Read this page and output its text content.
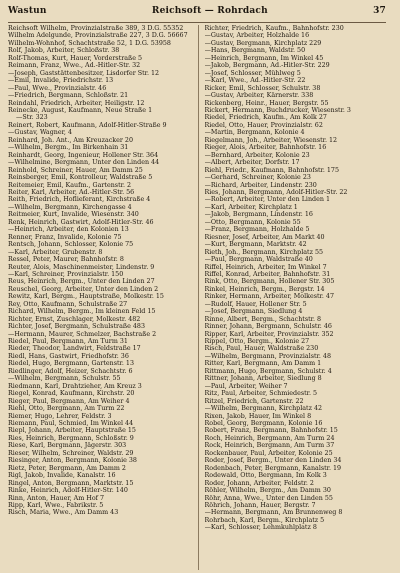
Wastun	Reichsoft — Rohrdach	37
Reichsoft Wilhelm, Provinzialstraße 389, 3 D.G. 55352
Wilhelm Adelgunde, Provinzialstraße 227, 3 D.G. 56667
Wilhelm-Wohnhof, Schachtstraße 52, 1 D.G. 53958
Rolf, Jakob, Arbeiter, Schloßstr. 38
Rolf-Thomas, Kurt, Hauer, Vorderstraße 5
Reimann, Franz, Wwe., Ad.-Hitler-Str. 32
—Joseph, Gaststättenbesitzer, Lisdorfer Str. 12
—Emil, Invalide, Friedrichstr. 13
—Paul, Wwe., Provinzialstr. 46
—Friedrich, Bergmann, Schloßstr. 21
Reindahl, Friedrich, Arbeiter, Heiligstr. 12
Reinecke, August, Kaufmann, Neue Straße 1
—Str. 323
Reinert, Robert, Kaufmann, Adolf-Hitler-Straße 9
—Gustav, Wagner, 4
Reinhard, Joh. Ant., Am Kreuzacker 20
—Wilhelm, Bergm., Im Birkenhain 31
Reinhardt, Georg, Ingenieur, Hollener Str. 364
—Wilhelmine, Bergmann, Unter den Linden 44
Reinhold, Schreiner, Hauer, Am Damm 25
Reinsberger, Emil, Kontrolleur, Waldstraße 5
Reitemeier, Emil, Kaufm., Gartenstr. 2
Reiter, Karl, Arbeiter, Ad.-Hitler-Str. 56
Reith, Friedrich, Hoflieferant, Kirchstraße 4
—Wilhelm, Bergmann, Kirchengasse 4
Reitmeier, Kurt, Invalide, Wiesenstr. 340
Renk, Heinrich, Gastwirt, Adolf-Hitler-Str. 46
—Heinrich, Arbeiter, den Kolonien 13
Renner, Franz, Invalide, Kolonie 75
Rentsch, Johann, Schlosser, Kolonie 75
—Karl, Arbeiter, Grubenstr. 8
Ressel, Peter, Maurer, Bahnhofstr. 8
Reuter, Alois, Maschinenmeister, Lindenstr. 9
—Karl, Schreiner, Provinzialstr. 150
Reus, Heinrich, Bergm., Unter den Linden 27
Reuschel, Georg, Arbeiter, Unter den Linden 2
Rewitz, Karl, Bergm., Hauptstraße, Molkestr. 15
Rey, Otto, Kaufmann, Schulstraße 27
Richard, Wilhelm, Bergm., Im kleinen Feld 15
Richter, Ernst, Zuschlager, Molkestr. 482
Richter, Josef, Bergmann, Schulstraße 483
—Hermann, Maurer, Schmelzer, Bachstraße 2
Riedel, Paul, Bergmann, Am Turm 31
Rieder, Theodor, Landwirt, Feldstraße 17
Riedl, Hans, Gastwirt, Friedhofstr. 36
Riedel, Hugo, Bergmann, Gartenstr. 13
Riedlinger, Adolf, Heizer, Schachtstr. 6
—Wilhelm, Bergmann, Schulstr. 55
Riedmann, Karl, Drahtzieher, Am Kreuz 3
Riegel, Konrad, Kaufmann, Kirchstr. 20
Rieger, Paul, Bergmann, Am Weiher 4
Riehl, Otto, Bergmann, Am Turm 22
Riemer, Hugo, Lehrer, Feldstr. 3
Riemann, Paul, Schmied, Im Winkel 44
Riepl, Johann, Arbeiter, Hauptstraße 15
Ries, Heinrich, Bergmann, Schloßstr. 9
Riese, Karl, Bergmann, Jägerstr. 303
Rieser, Wilhelm, Schreiner, Waldstr. 29
Riesinger, Anton, Bergmann, Kolonie 38
Rietz, Peter, Bergmann, Am Damm 2
Rigl, Jakob, Invalide, Kanalstr. 16
Ringel, Anton, Bergmann, Marktstr. 15
Rinke, Heinrich, Adolf-Hitler-Str. 140
Rinn, Anton, Hauer, Am Hof 7
Ripp, Karl, Wwe., Fabrikstr. 5
Risch, Maria, Wwe., Am Damm 43
Richter, Friedrich, Kaufm., Bahnhofstr. 230
—Gustav, Arbeiter, Holzhalde 16
—Gustav, Bergmann, Kirchplatz 229
—Hans, Bergmann, Waldstr. 50
—Heinrich, Bergmann, Im Winkel 45
—Jakob, Bergmann, Ad.-Hitler-Str. 229
—Josef, Schlosser, Mühlweg 5
—Karl, Wwe., Ad.-Hitler-Str. 22
Ricker, Emil, Schlosser, Schulstr. 38
—Gustav, Arbeiter, Kärnerstr. 338
Rickenberg, Heinr., Hauer, Bergstr. 55
Rickert, Hermann, Buchdrucker, Wiesenstr. 3
Riedel, Friedrich, Kaufm., Am Kolk 27
Riedel, Otto, Hauer, Provinzialstr. 62
—Martin, Bergmann, Kolonie 4
Riegelmann, Joh., Arbeiter, Wiesenstr. 12
Rieger, Alois, Arbeiter, Bahnhofstr. 16
—Bernhard, Arbeiter, Kolonie 23
—Albert, Arbeiter, Dorfstr. 17
Riehl, Friedr., Kaufmann, Bahnhofstr. 175
—Gerhard, Schreiner, Kolonie 23
—Richard, Arbeiter, Lindenstr. 230
Ries, Johann, Bergmann, Adolf-Hitler-Str. 22
—Robert, Arbeiter, Unter den Linden 1
—Karl, Arbeiter, Kirchplatz 1
—Jakob, Bergmann, Lindenstr. 16
—Otto, Bergmann, Kolonie 55
—Franz, Bergmann, Holzhalde 5
Riesner, Josef, Arbeiter, Am Markt 40
—Kurt, Bergmann, Marktstr. 42
Rieth, Joh., Bergmann, Kirchplatz 55
—Paul, Bergmann, Waldstraße 40
Riffel, Heinrich, Arbeiter, Im Winkel 7
Riffel, Konrad, Arbeiter, Bahnhofstr. 31
Rink, Otto, Bergmann, Hollener Str. 305
Rinkel, Heinrich, Bergm., Bergstr. 14
Rinker, Hermann, Arbeiter, Molkestr. 47
—Rudolf, Hauer, Hollener Str. 5
—Josef, Bergmann, Siedlung 4
Rinne, Albert, Bergm., Schachtstr. 8
Rinner, Johann, Bergmann, Schulstr. 46
Ripper, Karl, Arbeiter, Provinzialstr. 352
Rippel, Otto, Bergm., Kolonie 27
Risch, Paul, Hauer, Waldstraße 230
—Wilhelm, Bergmann, Provinzialstr. 48
Ritter, Karl, Bergmann, Am Damm 1
Rittmann, Hugo, Bergmann, Schulstr. 4
Rittner, Johann, Arbeiter, Siedlung 8
—Paul, Arbeiter, Weiher 7
Ritz, Paul, Arbeiter, Schmiedestr. 5
Ritzel, Friedrich, Gartenstr. 22
—Wilhelm, Bergmann, Kirchplatz 42
Rixen, Jakob, Hauer, Im Winkel 8
Robel, Georg, Bergmann, Kolonie 16
Robert, Franz, Bergmann, Bahnhofstr. 15
Roch, Heinrich, Bergmann, Am Turm 24
Rock, Heinrich, Bergmann, Am Turm 37
Rockenbauer, Paul, Arbeiter, Kolonie 25
Roder, Josef, Bergm., Unter den Linden 34
Rodenbach, Peter, Bergmann, Kanalstr. 19
Rodewald, Otto, Bergmann, Im Kolk 3
Roder, Johann, Arbeiter, Feldstr. 2
Röhler, Wilhelm, Bergm., Am Damm 30
Röhr, Anna, Wwe., Unter den Linden 55
Röhrich, Johann, Hauer, Bergstr. 7
—Hermann, Bergmann, Am Brunnenweg 8
Rohrbach, Karl, Bergm., Kirchplatz 5
—Karl, Schlosser, Lehmkuhlplatz 8
